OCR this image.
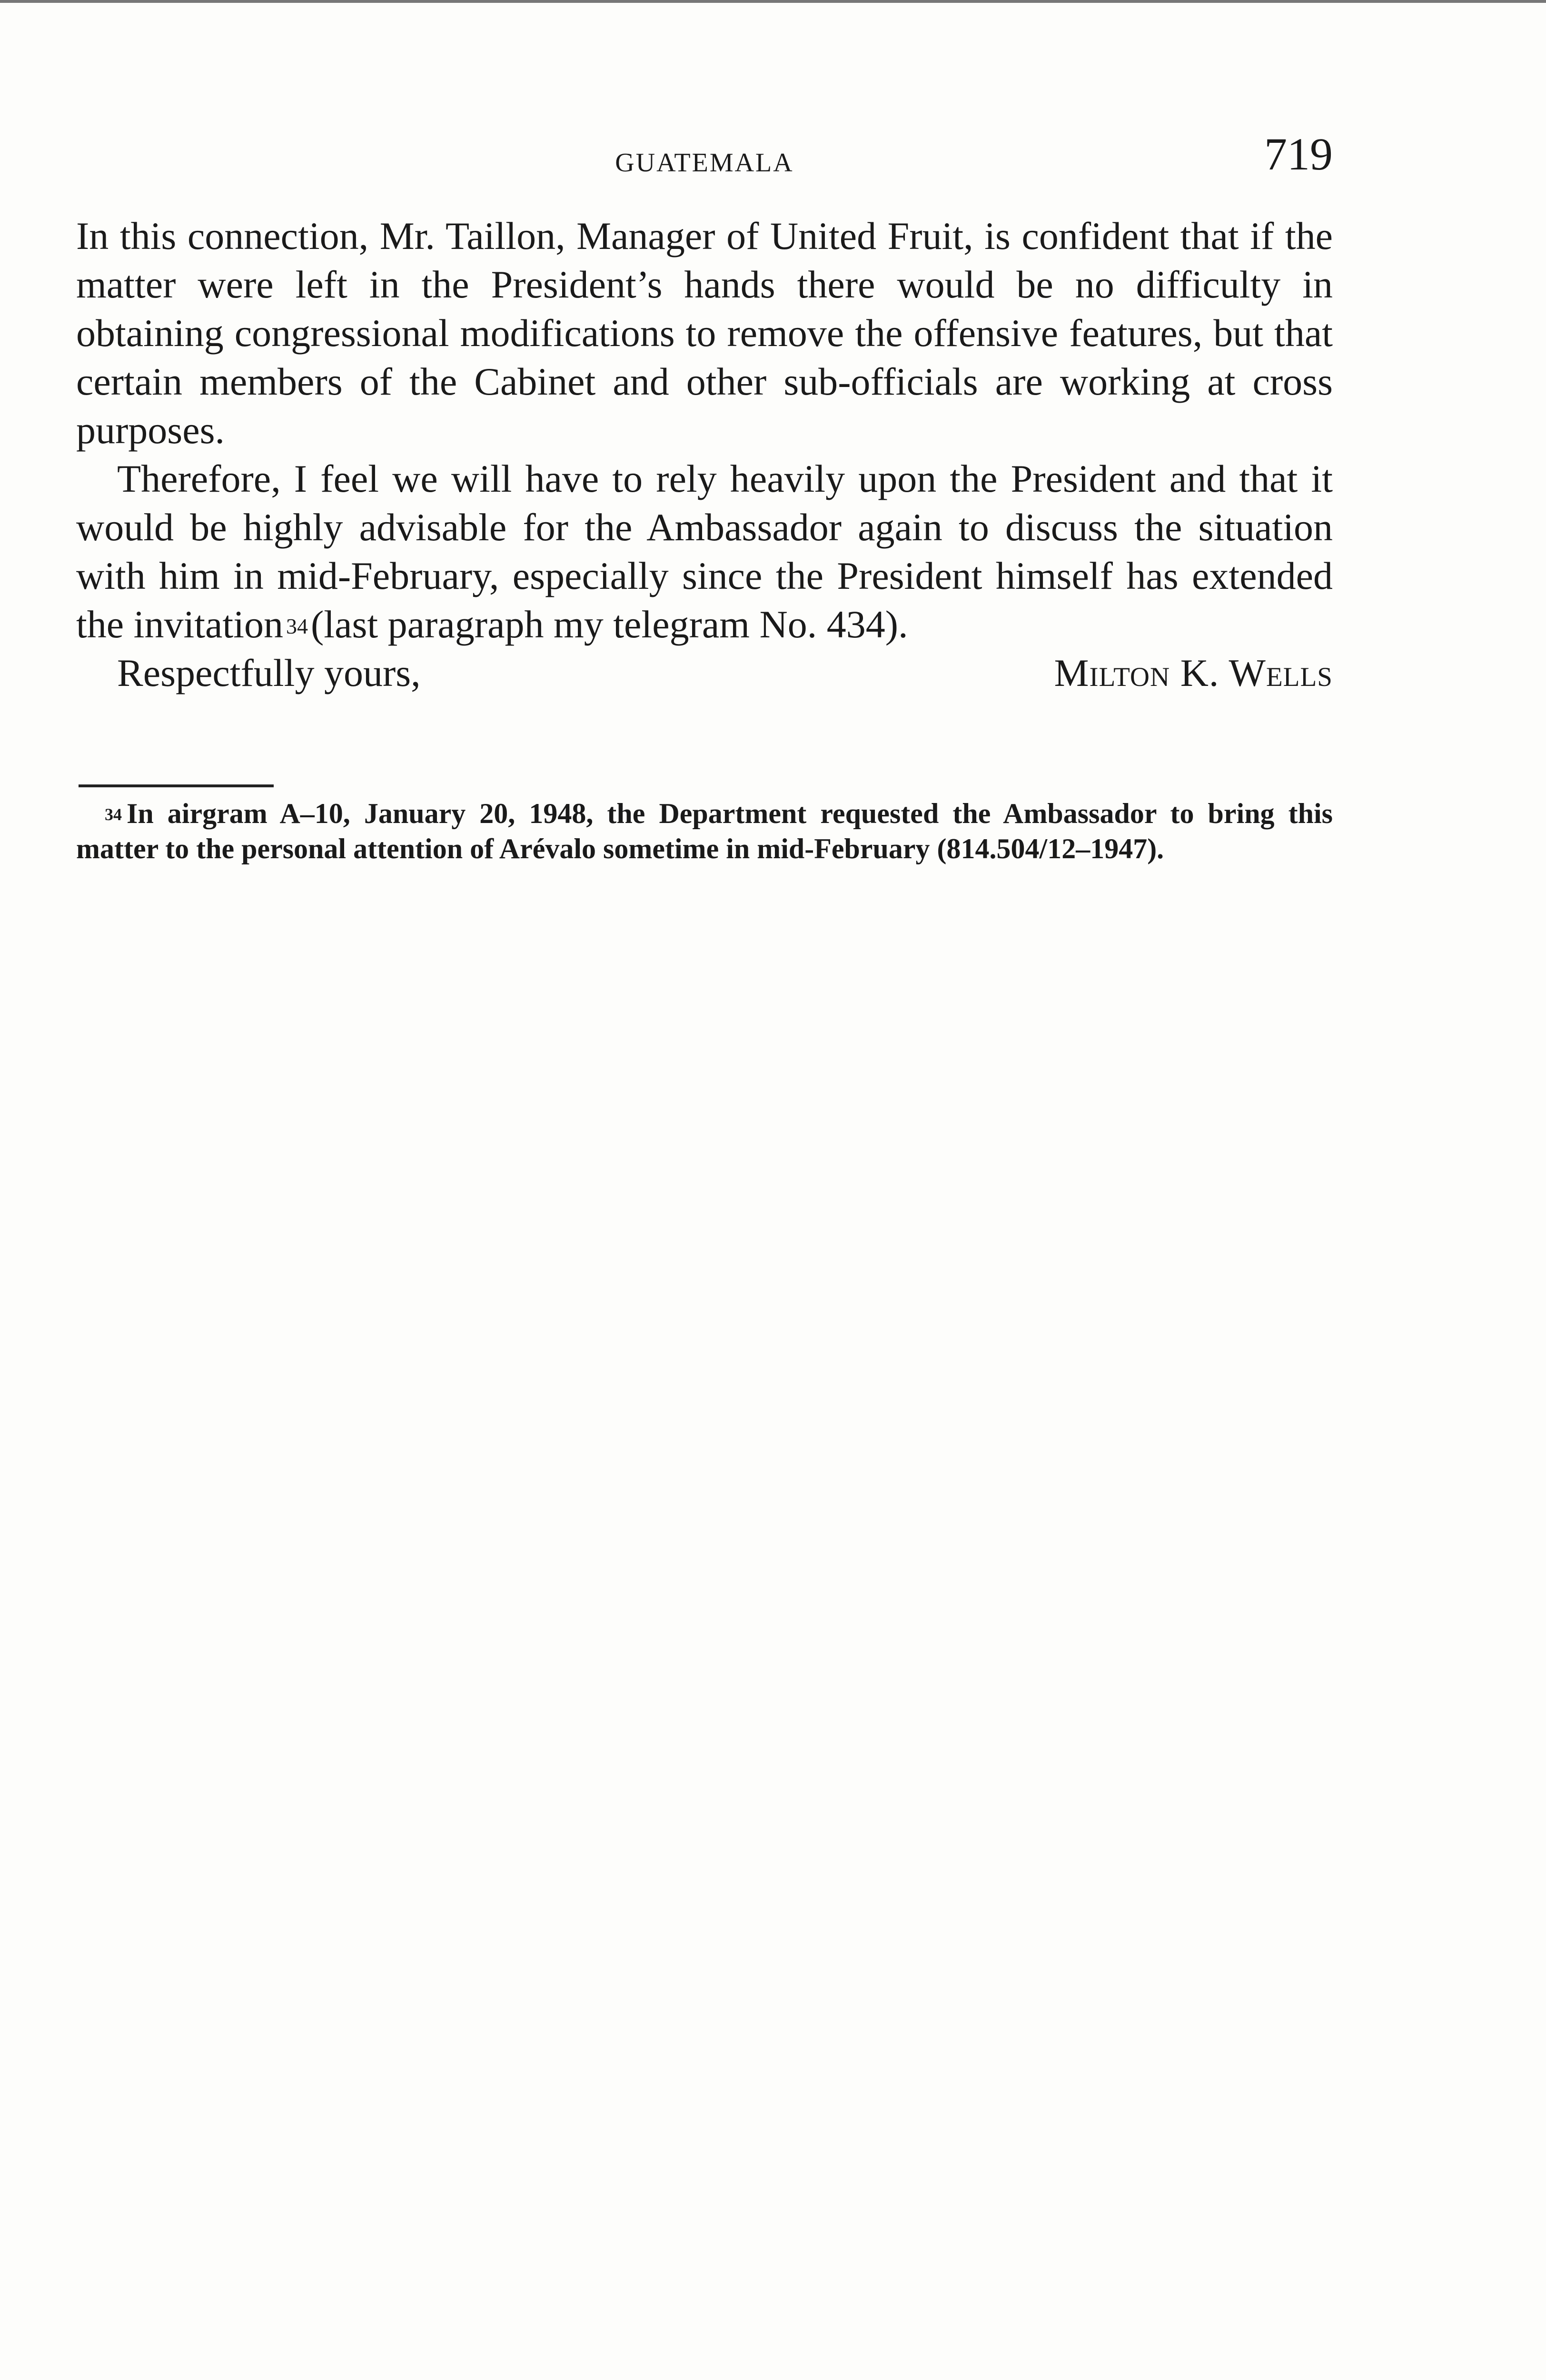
GUATEMALA	719

In this connection, Mr. Taillon, Manager of United Fruit, is confident that if the matter were left in the President’s hands there would be no difficulty in obtaining congressional modifications to remove the offensive features, but that certain members of the Cabinet and other sub-officials are working at cross purposes.

Therefore, I feel we will have to rely heavily upon the President and that it would be highly advisable for the Ambassador again to discuss the situation with him in mid-February, especially since the President himself has extended the invitation $^{34}$(last paragraph my telegram No. 434).

Respectfully yours,	Milton K. Wells
$^{34}$ In airgram A–10, January 20, 1948, the Department requested the Ambassador to bring this matter to the personal attention of Arévalo sometime in mid-February (814.504/12–1947).
